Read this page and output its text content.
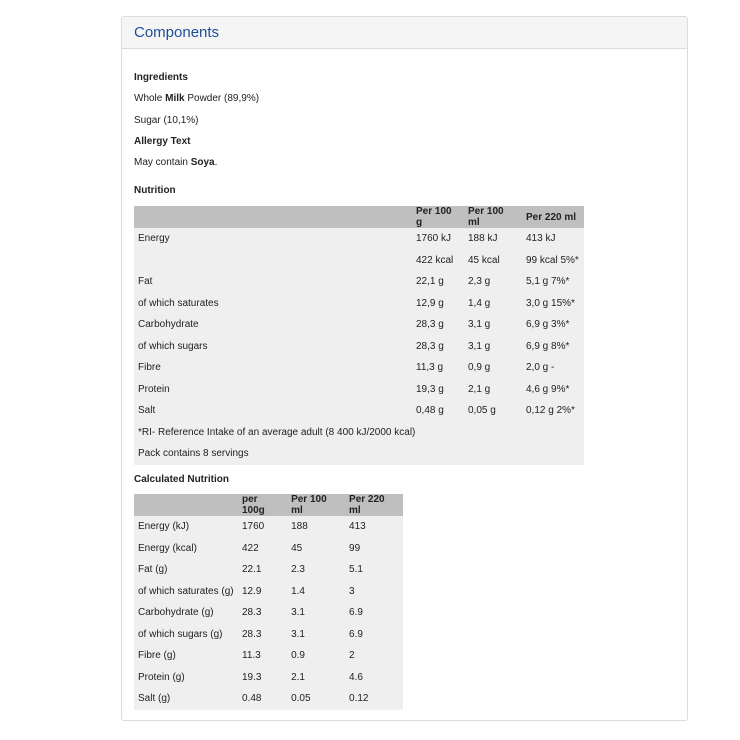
Components
Ingredients
Whole Milk Powder (89,9%)
Sugar (10,1%)
Allergy Text
May contain Soya.
Nutrition
	Per 100 g	Per 100 ml	Per 220 ml
Energy	1760 kJ	188 kJ	413 kJ
	422 kcal	45 kcal	99 kcal 5%*
Fat	22,1 g	2,3 g	5,1 g 7%*
of which saturates	12,9 g	1,4 g	3,0 g 15%*
Carbohydrate	28,3 g	3,1 g	6,9 g 3%*
of which sugars	28,3 g	3,1 g	6,9 g 8%*
Fibre	11,3 g	0,9 g	2,0 g -
Protein	19,3 g	2,1 g	4,6 g 9%*
Salt	0,48 g	0,05 g	0,12 g 2%*
*RI- Reference Intake of an average adult (8 400 kJ/2000 kcal)			
Pack contains 8 servings			
Calculated Nutrition
	per 100g	Per 100 ml	Per 220 ml
Energy (kJ)	1760	188	413
Energy (kcal)	422	45	99
Fat (g)	22.1	2.3	5.1
of which saturates (g)	12.9	1.4	3
Carbohydrate (g)	28.3	3.1	6.9
of which sugars (g)	28.3	3.1	6.9
Fibre (g)	11.3	0.9	2
Protein (g)	19.3	2.1	4.6
Salt (g)	0.48	0.05	0.12
